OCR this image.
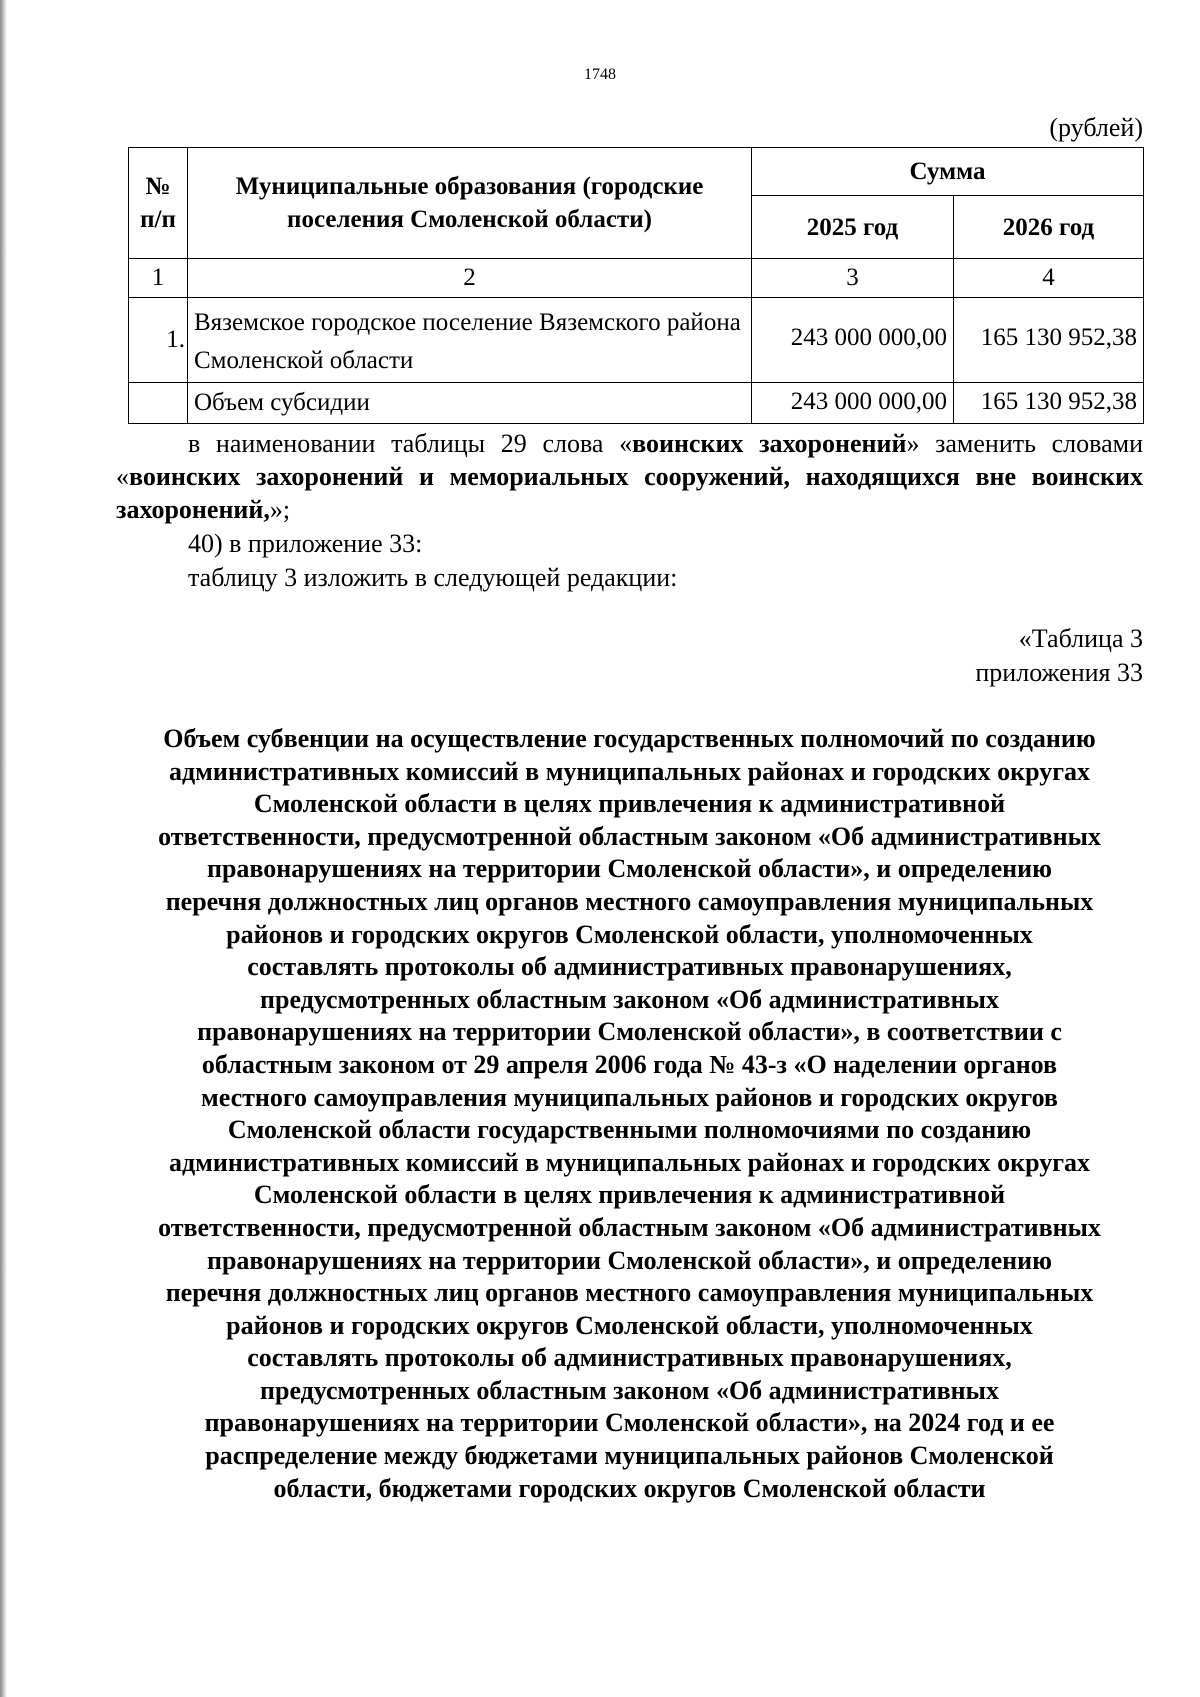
1748
(рублей)
№ п/п	Муниципальные образования (городские поселения Смоленской области)	Сумма	
		2025 год	2026 год
1	2	3	4
1.	Вяземское городское поселение Вяземского района Смоленской области	243 000 000,00	165 130 952,38
	Объем субсидии	243 000 000,00	165 130 952,38
в наименовании таблицы 29 слова «воинских захоронений» заменить словами «воинских захоронений и мемориальных сооружений, находящихся вне воинских захоронений,»;
40) в приложение 33:
таблицу 3 изложить в следующей редакции:
«Таблица 3
приложения 33
Объем субвенции на осуществление государственных полномочий по созданию
административных комиссий в муниципальных районах и городских округах
Смоленской области в целях привлечения к административной
ответственности, предусмотренной областным законом «Об административных
правонарушениях на территории Смоленской области», и определению
перечня должностных лиц органов местного самоуправления муниципальных
районов и городских округов Смоленской области, уполномоченных
составлять протоколы об административных правонарушениях,
предусмотренных областным законом «Об административных
правонарушениях на территории Смоленской области», в соответствии с
областным законом от 29 апреля 2006 года № 43-з «О наделении органов
местного самоуправления муниципальных районов и городских округов
Смоленской области государственными полномочиями по созданию
административных комиссий в муниципальных районах и городских округах
Смоленской области в целях привлечения к административной
ответственности, предусмотренной областным законом «Об административных
правонарушениях на территории Смоленской области», и определению
перечня должностных лиц органов местного самоуправления муниципальных
районов и городских округов Смоленской области, уполномоченных
составлять протоколы об административных правонарушениях,
предусмотренных областным законом «Об административных
правонарушениях на территории Смоленской области», на 2024 год и ее
распределение между бюджетами муниципальных районов Смоленской
области, бюджетами городских округов Смоленской области
